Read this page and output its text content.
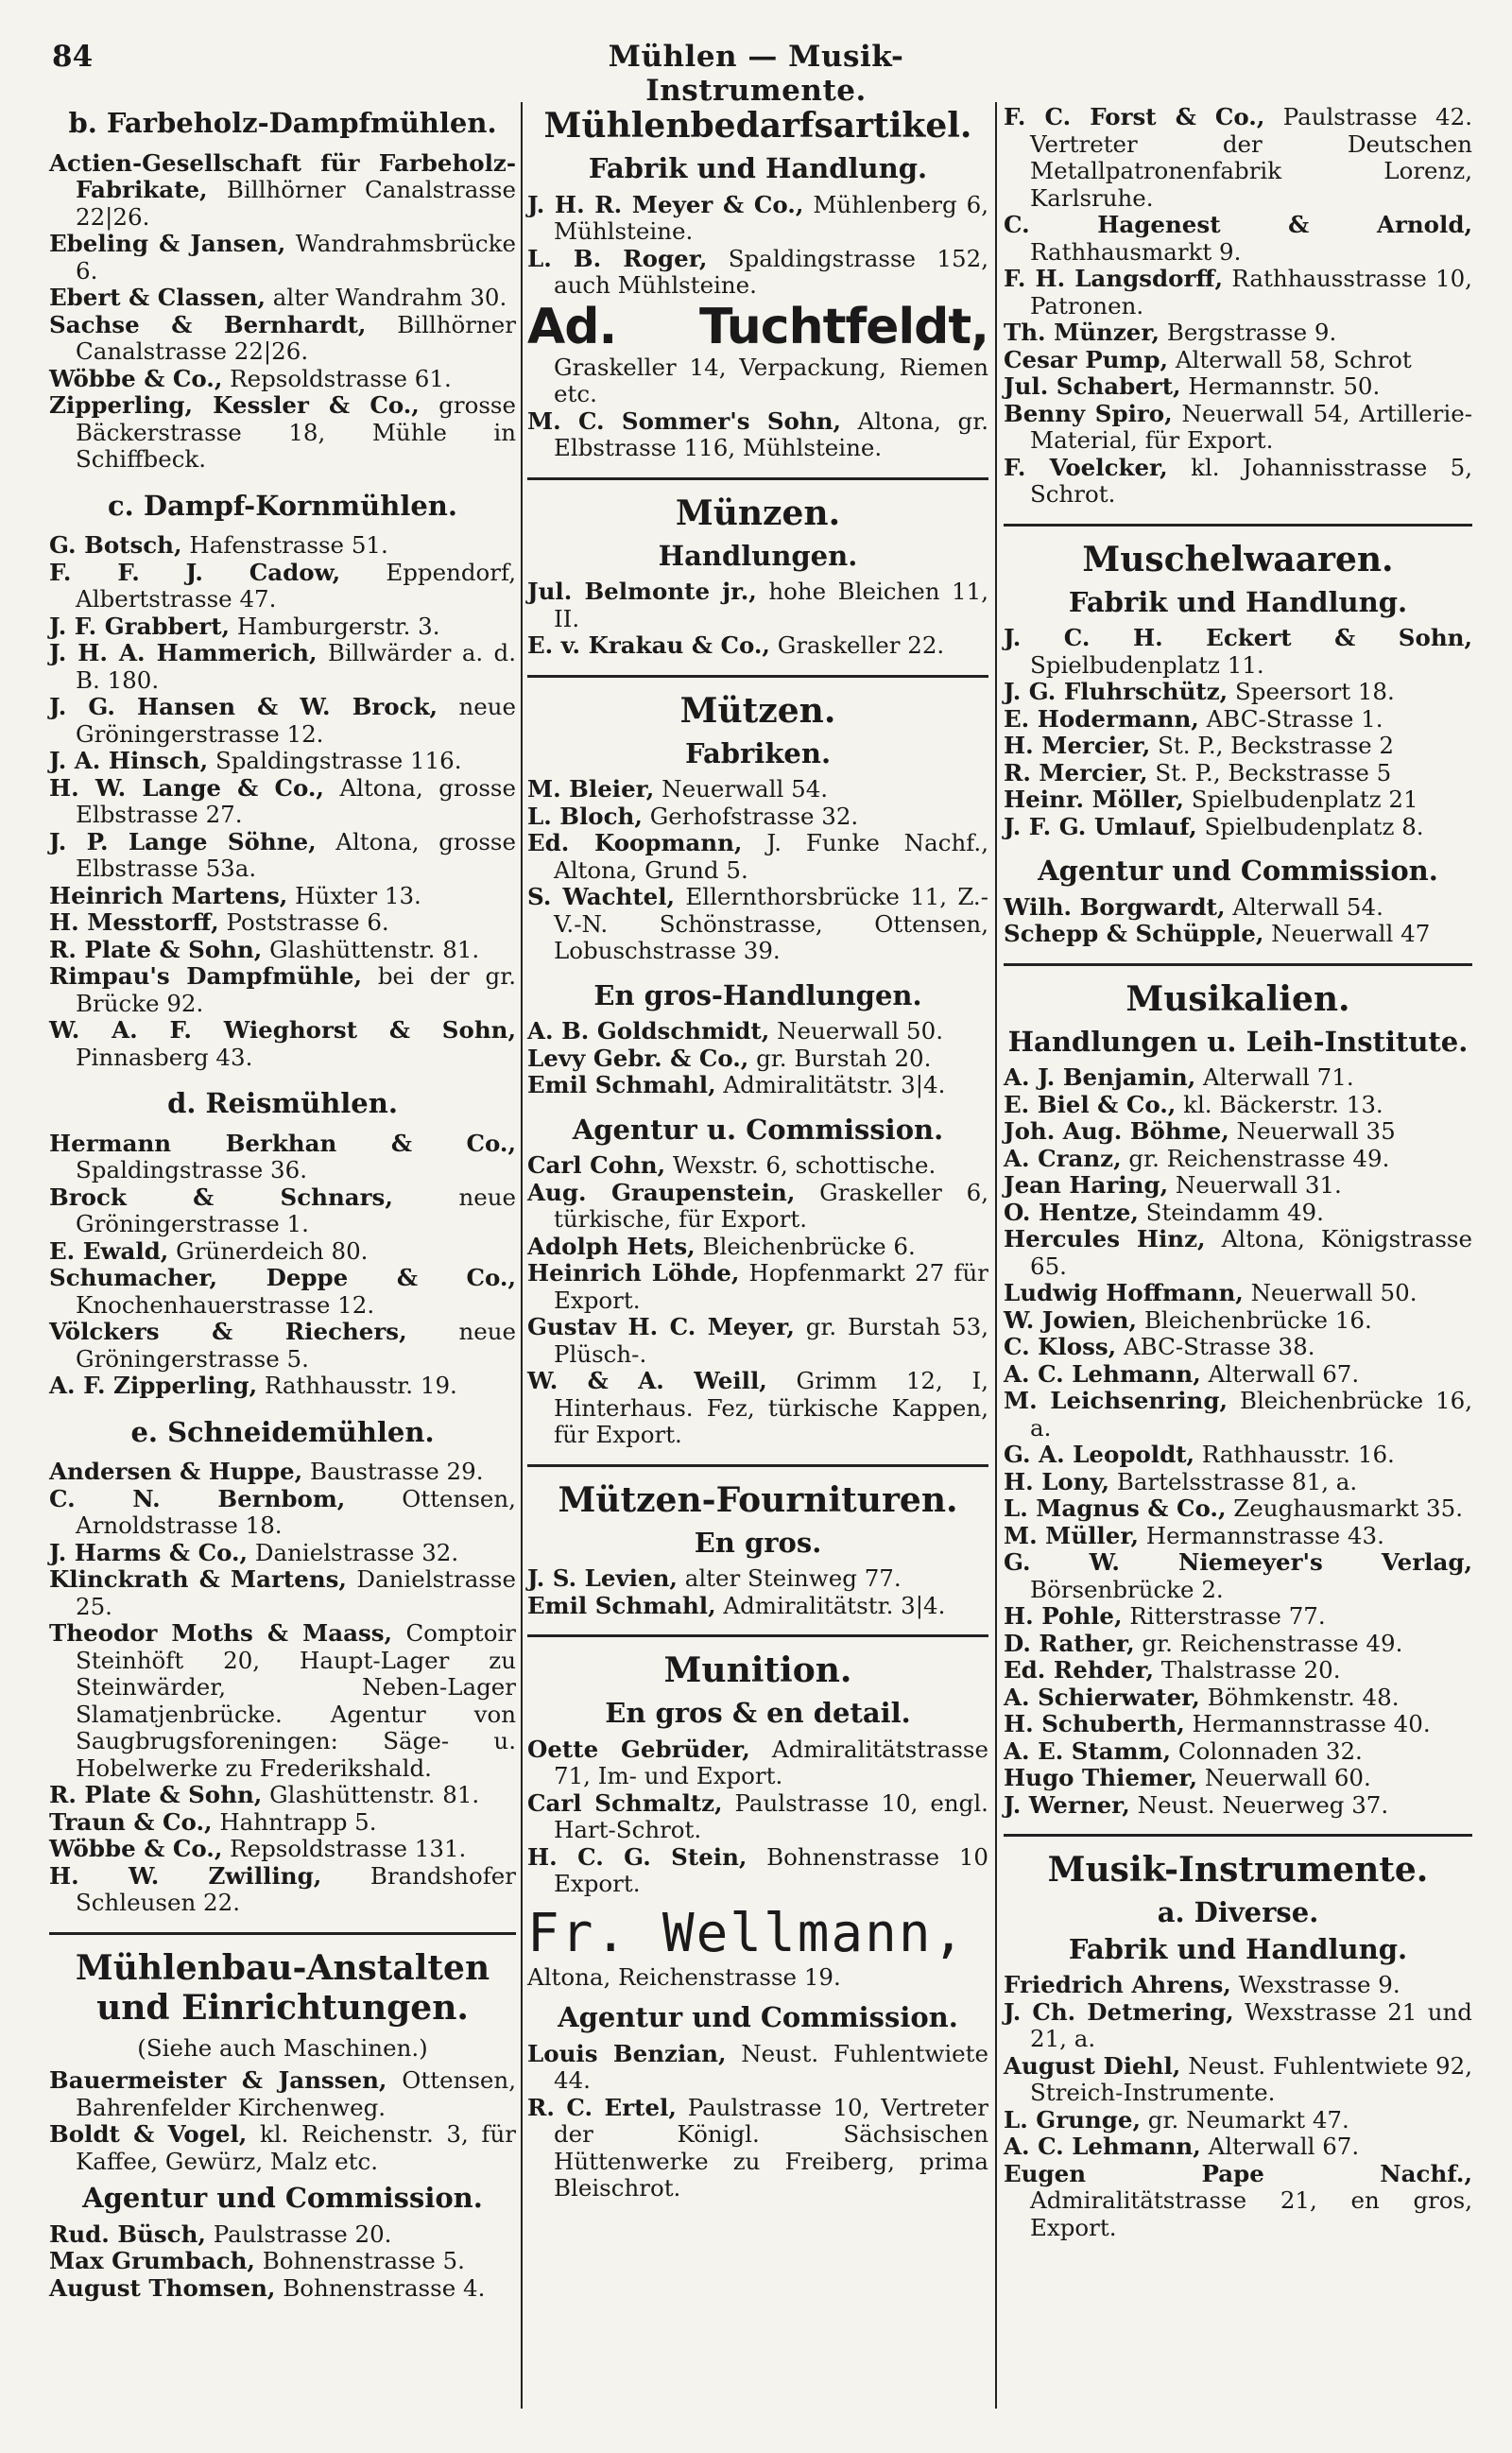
84	Mühlen — Musik-Instrumente.
b. Farbeholz-Dampfmühlen.

Actien-Gesellschaft für Farbeholz-Fabrikate, Billhörner Canalstrasse 22|26.

Ebeling & Jansen, Wandrahmsbrücke 6.

Ebert & Classen, alter Wandrahm 30.

Sachse & Bernhardt, Billhörner Canalstrasse 22|26.

Wöbbe & Co., Repsoldstrasse 61.

Zipperling, Kessler & Co., grosse Bäckerstrasse 18, Mühle in Schiffbeck.

c. Dampf-Kornmühlen.

G. Botsch, Hafenstrasse 51.

F. F. J. Cadow, Eppendorf, Albertstrasse 47.

J. F. Grabbert, Hamburgerstr. 3.

J. H. A. Hammerich, Billwärder a. d. B. 180.

J. G. Hansen & W. Brock, neue Gröningerstrasse 12.

J. A. Hinsch, Spaldingstrasse 116.

H. W. Lange & Co., Altona, grosse Elbstrasse 27.

J. P. Lange Söhne, Altona, grosse Elbstrasse 53a.

Heinrich Martens, Hüxter 13.

H. Messtorff, Poststrasse 6.

R. Plate & Sohn, Glashüttenstr. 81.

Rimpau's Dampfmühle, bei der gr. Brücke 92.

W. A. F. Wieghorst & Sohn, Pinnasberg 43.

d. Reismühlen.

Hermann Berkhan & Co., Spaldingstrasse 36.

Brock & Schnars,	neue Gröningerstrasse 1.

E. Ewald, Grünerdeich 80.

Schumacher, Deppe & Co., Knochenhauerstrasse 12.

Völckers & Riechers, neue Gröningerstrasse 5.

A. F. Zipperling, Rathhausstr. 19.

e. Schneidemühlen.

Andersen & Huppe, Baustrasse 29.

C. N. Bernbom, Ottensen, Arnoldstrasse 18.

J. Harms & Co., Danielstrasse 32.

Klinckrath & Martens, Danielstrasse 25.

Theodor Moths & Maass, Comptoir Steinhöft 20, Haupt-Lager zu Steinwärder, Neben-Lager Slamatjenbrücke. Agentur von Saugbrugsforeningen: Säge- u. Hobelwerke zu Frederikshald.

R. Plate & Sohn, Glashüttenstr. 81.

Traun & Co., Hahntrapp 5.

Wöbbe & Co., Repsoldstrasse 131.

H. W. Zwilling, Brandshofer Schleusen 22.

Mühlenbau-Anstalten und Einrichtungen.
(Siehe auch Maschinen.)

Bauermeister & Janssen, Ottensen, Bahrenfelder Kirchenweg.

Boldt & Vogel, kl. Reichenstr. 3, für Kaffee, Gewürz, Malz etc.

Agentur und Commission.

Rud. Büsch, Paulstrasse 20.

Max Grumbach, Bohnenstrasse 5.

August Thomsen, Bohnenstrasse 4.

Mühlenbedarfsartikel.
Fabrik und Handlung.

J. H. R. Meyer & Co., Mühlenberg 6, Mühlsteine.

L. B. Roger, Spaldingstrasse 152, auch Mühlsteine.

Ad. Tuchtfeldt, Graskeller 14, Verpackung, Riemen etc.

M. C. Sommer's Sohn, Altona, gr. Elbstrasse 116, Mühlsteine.

Münzen.
Handlungen.

Jul. Belmonte jr., hohe Bleichen 11, II.

E. v. Krakau & Co., Graskeller 22.

Mützen.
Fabriken.

M. Bleier, Neuerwall 54.

L. Bloch, Gerhofstrasse 32.

Ed. Koopmann, J. Funke Nachf., Altona, Grund 5.

S. Wachtel, Ellernthorsbrücke 11, Z.-V.-N. Schönstrasse, Ottensen, Lobuschstrasse 39.

En gros-Handlungen.

A. B. Goldschmidt, Neuerwall 50.

Levy Gebr. & Co., gr. Burstah 20.

Emil Schmahl, Admiralitätstr. 3|4.

Agentur u. Commission.

Carl Cohn, Wexstr. 6, schottische.

Aug. Graupenstein, Graskeller 6, türkische, für Export.

Adolph Hets, Bleichenbrücke 6.

Heinrich Löhde, Hopfenmarkt 27 für Export.

Gustav H. C. Meyer, gr. Burstah 53, Plüsch-.

W. & A. Weill, Grimm 12, I, Hinterhaus. Fez, türkische Kappen, für Export.

Mützen-Fournituren.
En gros.

J. S. Levien, alter Steinweg 77.

Emil Schmahl, Admiralitätstr. 3|4.

Munition.
En gros & en detail.

Oette Gebrüder, Admiralitätstrasse 71, Im- und Export.

Carl Schmaltz, Paulstrasse 10, engl. Hart-Schrot.

H. C. G. Stein, Bohnenstrasse 10 Export.

Fr. Wellmann,

Altona, Reichenstrasse 19.

Agentur und Commission.

Louis Benzian, Neust. Fuhlentwiete 44.

R. C. Ertel, Paulstrasse 10, Vertreter der Königl. Sächsischen Hüttenwerke zu Freiberg, prima Bleischrot.

F. C. Forst & Co., Paulstrasse 42. Vertreter der Deutschen Metallpatronenfabrik Lorenz, Karlsruhe.

C. Hagenest & Arnold, Rathhausmarkt 9.

F. H. Langsdorff, Rathhausstrasse 10, Patronen.

Th. Münzer, Bergstrasse 9.

Cesar Pump, Alterwall 58, Schrot

Jul. Schabert, Hermannstr. 50.

Benny Spiro, Neuerwall 54, Artillerie-Material, für Export.

F. Voelcker, kl. Johannisstrasse 5, Schrot.

Muschelwaaren.
Fabrik und Handlung.

J. C. H. Eckert & Sohn, Spielbudenplatz 11.

J. G. Fluhrschütz, Speersort 18.

E. Hodermann, ABC-Strasse 1.

H. Mercier, St. P., Beckstrasse 2

R. Mercier, St. P., Beckstrasse 5

Heinr. Möller, Spielbudenplatz 21

J. F. G. Umlauf, Spielbudenplatz 8.

Agentur und Commission.

Wilh. Borgwardt, Alterwall 54.

Schepp & Schüpple, Neuerwall 47

Musikalien.
Handlungen u. Leih-Institute.

A. J. Benjamin, Alterwall 71.

E. Biel & Co., kl. Bäckerstr. 13.

Joh. Aug. Böhme, Neuerwall 35

A. Cranz, gr. Reichenstrasse 49.

Jean Haring, Neuerwall 31.

O. Hentze, Steindamm 49.

Hercules Hinz, Altona, Königstrasse 65.

Ludwig Hoffmann, Neuerwall 50.

W. Jowien, Bleichenbrücke 16.

C. Kloss, ABC-Strasse 38.

A. C. Lehmann, Alterwall 67.

M. Leichsenring, Bleichenbrücke 16, a.

G. A. Leopoldt, Rathhausstr. 16.

H. Lony, Bartelsstrasse 81, a.

L. Magnus & Co., Zeughausmarkt 35.

M. Müller, Hermannstrasse 43.

G. W. Niemeyer's Verlag, Börsenbrücke 2.

H. Pohle, Ritterstrasse 77.

D. Rather, gr. Reichenstrasse 49.

Ed. Rehder, Thalstrasse 20.

A. Schierwater, Böhmkenstr. 48.

H. Schuberth, Hermannstrasse 40.

A. E. Stamm, Colonnaden 32.

Hugo Thiemer, Neuerwall 60.

J. Werner, Neust. Neuerweg 37.

Musik-Instrumente.
a. Diverse.
Fabrik und Handlung.

Friedrich Ahrens, Wexstrasse 9.

J. Ch. Detmering, Wexstrasse 21 und 21, a.

August Diehl, Neust. Fuhlentwiete 92, Streich-Instrumente.

L. Grunge, gr. Neumarkt 47.

A. C. Lehmann, Alterwall 67.

Eugen Pape Nachf., Admiralitätstrasse 21, en gros, Export.
